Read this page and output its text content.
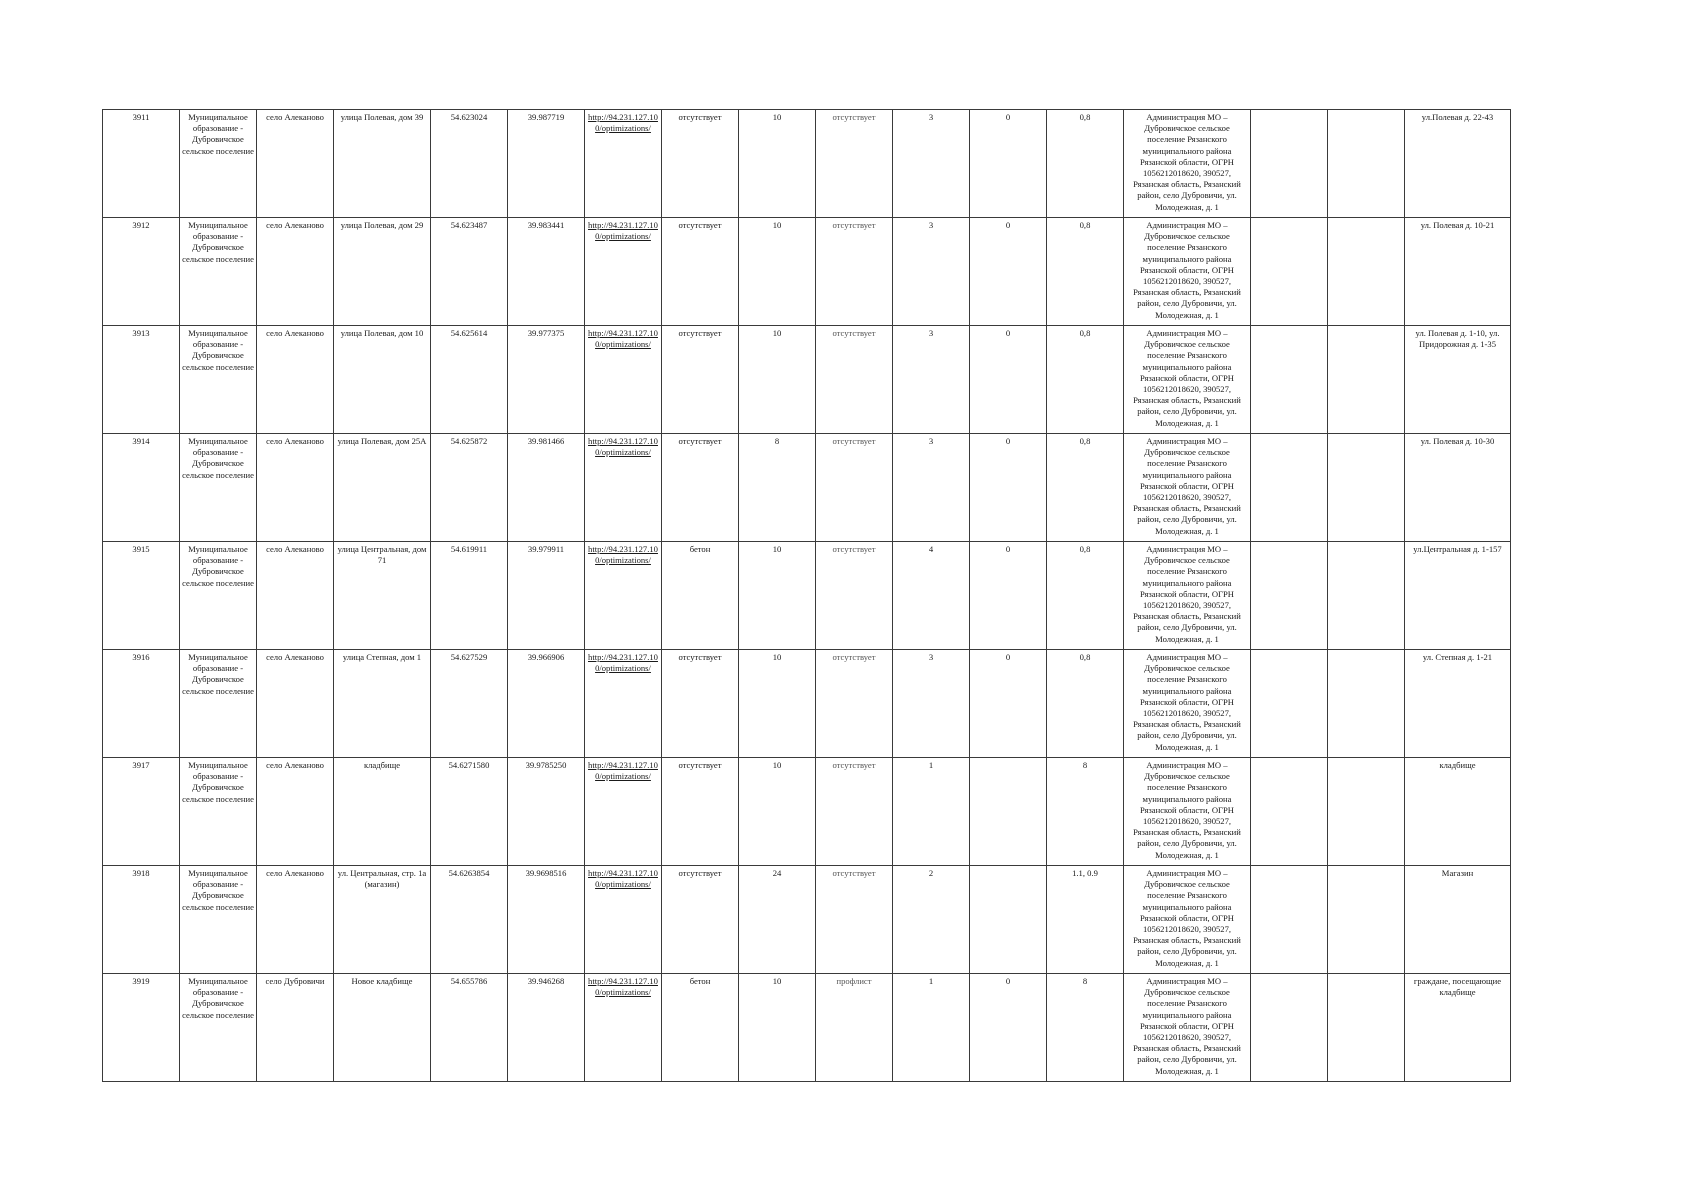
3911	Муниципальное образование - Дубровичское сельское поселение	село Алеканово	улица Полевая, дом 39	54.623024	39.987719	http://94.231.127.100/optimizations/	отсутствует	10	отсутствует	3	0	0,8	Администрация МО – Дубровичское сельское поселение Рязанского муниципального района Рязанской области, ОГРН 1056212018620, 390527, Рязанская область, Рязанский район, село Дубровичи, ул. Молодежная, д. 1			ул.Полевая д. 22-43
3912	Муниципальное образование - Дубровичское сельское поселение	село Алеканово	улица Полевая, дом 29	54.623487	39.983441	http://94.231.127.100/optimizations/	отсутствует	10	отсутствует	3	0	0,8	Администрация МО – Дубровичское сельское поселение Рязанского муниципального района Рязанской области, ОГРН 1056212018620, 390527, Рязанская область, Рязанский район, село Дубровичи, ул. Молодежная, д. 1			ул. Полевая д. 10-21
3913	Муниципальное образование - Дубровичское сельское поселение	село Алеканово	улица Полевая, дом 10	54.625614	39.977375	http://94.231.127.100/optimizations/	отсутствует	10	отсутствует	3	0	0,8	Администрация МО – Дубровичское сельское поселение Рязанского муниципального района Рязанской области, ОГРН 1056212018620, 390527, Рязанская область, Рязанский район, село Дубровичи, ул. Молодежная, д. 1			ул. Полевая д. 1-10, ул. Придорожная д. 1-35
3914	Муниципальное образование - Дубровичское сельское поселение	село Алеканово	улица Полевая, дом 25А	54.625872	39.981466	http://94.231.127.100/optimizations/	отсутствует	8	отсутствует	3	0	0,8	Администрация МО – Дубровичское сельское поселение Рязанского муниципального района Рязанской области, ОГРН 1056212018620, 390527, Рязанская область, Рязанский район, село Дубровичи, ул. Молодежная, д. 1			ул. Полевая д. 10-30
3915	Муниципальное образование - Дубровичское сельское поселение	село Алеканово	улица Центральная, дом 71	54.619911	39.979911	http://94.231.127.100/optimizations/	бетон	10	отсутствует	4	0	0,8	Администрация МО – Дубровичское сельское поселение Рязанского муниципального района Рязанской области, ОГРН 1056212018620, 390527, Рязанская область, Рязанский район, село Дубровичи, ул. Молодежная, д. 1			ул.Центральная д. 1-157
3916	Муниципальное образование - Дубровичское сельское поселение	село Алеканово	улица Степная, дом 1	54.627529	39.966906	http://94.231.127.100/optimizations/	отсутствует	10	отсутствует	3	0	0,8	Администрация МО – Дубровичское сельское поселение Рязанского муниципального района Рязанской области, ОГРН 1056212018620, 390527, Рязанская область, Рязанский район, село Дубровичи, ул. Молодежная, д. 1			ул. Степная д. 1-21
3917	Муниципальное образование - Дубровичское сельское поселение	село Алеканово	кладбище	54.6271580	39.9785250	http://94.231.127.100/optimizations/	отсутствует	10	отсутствует	1		8	Администрация МО – Дубровичское сельское поселение Рязанского муниципального района Рязанской области, ОГРН 1056212018620, 390527, Рязанская область, Рязанский район, село Дубровичи, ул. Молодежная, д. 1			кладбище
3918	Муниципальное образование - Дубровичское сельское поселение	село Алеканово	ул. Центральная, стр. 1а (магазин)	54.6263854	39.9698516	http://94.231.127.100/optimizations/	отсутствует	24	отсутствует	2		1.1, 0.9	Администрация МО – Дубровичское сельское поселение Рязанского муниципального района Рязанской области, ОГРН 1056212018620, 390527, Рязанская область, Рязанский район, село Дубровичи, ул. Молодежная, д. 1			Магазин
3919	Муниципальное образование - Дубровичское сельское поселение	село Дубровичи	Новое кладбище	54.655786	39.946268	http://94.231.127.100/optimizations/	бетон	10	профлист	1	0	8	Администрация МО – Дубровичское сельское поселение Рязанского муниципального района Рязанской области, ОГРН 1056212018620, 390527, Рязанская область, Рязанский район, село Дубровичи, ул. Молодежная, д. 1			граждане, посещающие кладбище
